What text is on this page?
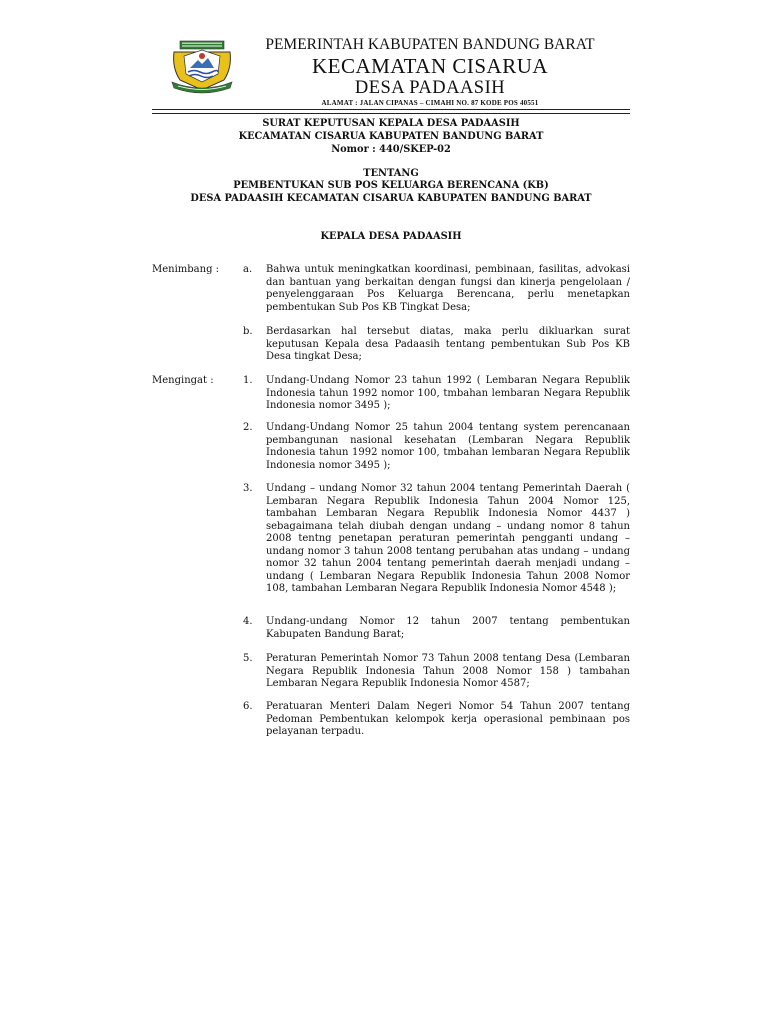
PEMERINTAH KABUPATEN BANDUNG BARAT
KECAMATAN CISARUA
DESA PADAASIH
ALAMAT : JALAN CIPANAS – CIMAHI NO. 87 KODE POS 40551
SURAT KEPUTUSAN KEPALA DESA PADAASIH
KECAMATAN CISARUA KABUPATEN BANDUNG BARAT
Nomor : 440/SKEP-02
TENTANG
PEMBENTUKAN SUB POS KELUARGA BERENCANA (KB)
DESA PADAASIH KECAMATAN CISARUA KABUPATEN BANDUNG BARAT
KEPALA DESA PADAASIH
Menimbang : a. Bahwa untuk meningkatkan koordinasi, pembinaan, fasilitas, advokasi dan bantuan yang berkaitan dengan fungsi dan kinerja pengelolaan / penyelenggaraan Pos Keluarga Berencana, perlu menetapkan pembentukan Sub Pos KB Tingkat Desa;
b. Berdasarkan hal tersebut diatas, maka perlu dikluarkan surat keputusan Kepala desa Padaasih tentang pembentukan Sub Pos KB Desa tingkat Desa;
Mengingat :	1. Undang-Undang Nomor 23 tahun 1992 ( Lembaran Negara Republik Indonesia tahun 1992 nomor 100, tmbahan lembaran Negara Republik Indonesia nomor 3495 );
2. Undang-Undang Nomor 25 tahun 2004 tentang system perencanaan pembangunan nasional kesehatan (Lembaran Negara Republik Indonesia tahun 1992 nomor 100, tmbahan lembaran Negara Republik Indonesia nomor 3495 );
3. Undang – undang Nomor 32 tahun 2004 tentang Pemerintah Daerah ( Lembaran Negara Republik Indonesia Tahun 2004 Nomor 125, tambahan Lembaran Negara Republik Indonesia Nomor 4437 ) sebagaimana telah diubah dengan undang – undang nomor 8 tahun 2008 tentng penetapan peraturan pemerintah pengganti undang – undang nomor 3 tahun 2008 tentang perubahan atas undang – undang nomor 32 tahun 2004 tentang pemerintah daerah menjadi undang – undang ( Lembaran Negara Republik Indonesia Tahun 2008 Nomor 108, tambahan Lembaran Negara Republik Indonesia Nomor 4548 );
4. Undang-undang Nomor 12 tahun 2007 tentang pembentukan Kabupaten Bandung Barat;
5. Peraturan Pemerintah Nomor 73 Tahun 2008 tentang Desa (Lembaran Negara Republik Indonesia Tahun 2008 Nomor 158 ) tambahan Lembaran Negara Republik Indonesia Nomor 4587;
6. Peratuaran Menteri Dalam Negeri Nomor 54 Tahun 2007 tentang Pedoman Pembentukan kelompok kerja operasional pembinaan pos pelayanan terpadu.
